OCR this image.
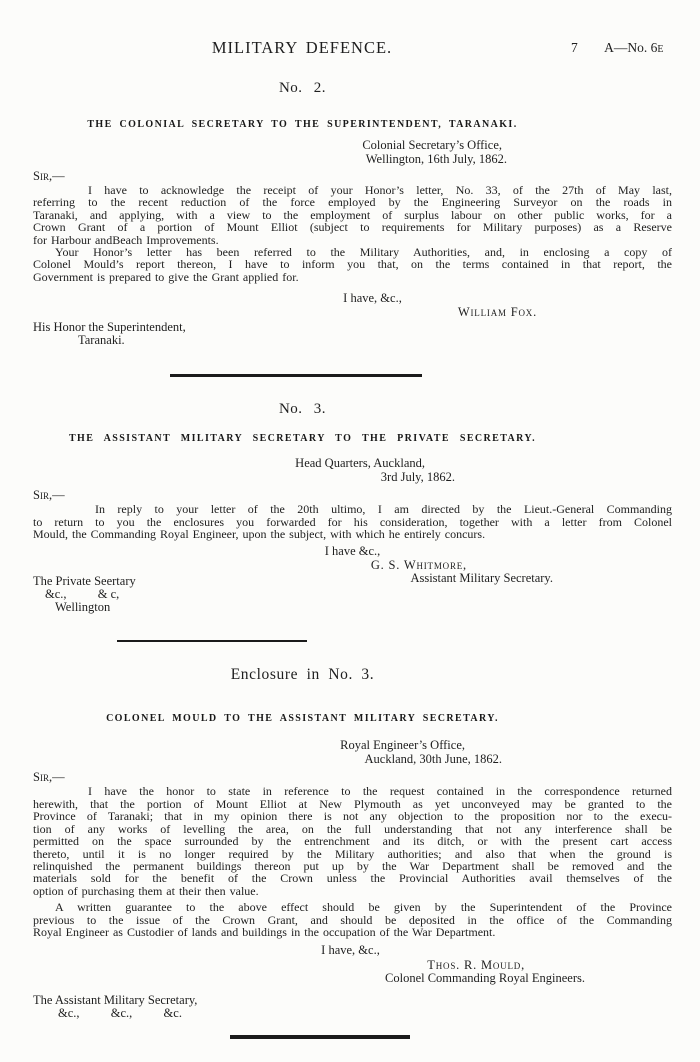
MILITARY DEFENCE.	7 A—No. 6E
No. 2.
THE COLONIAL SECRETARY TO THE SUPERINTENDENT, TARANAKI.
Colonial Secretary’s Office,
Wellington, 16th July, 1862.
Sir,—
I have to acknowledge the receipt of your Honor’s letter, No. 33, of the 27th of May last,
referring to the recent reduction of the force employed by the Engineering Surveyor on the roads in
Taranaki, and applying, with a view to the employment of surplus labour on other public works, for a
Crown Grant of a portion of Mount Elliot (subject to requirements for Military purposes) as a Reserve
for Harbour andBeach Improvements.
Your Honor’s letter has been referred to the Military Authorities, and, in enclosing a copy of
Colonel Mould’s report thereon, I have to inform you that, on the terms contained in that report, the
Government is prepared to give the Grant applied for.
I have, &c.,
William Fox.
His Honor the Superintendent,
Taranaki.
No. 3.
THE ASSISTANT MILITARY SECRETARY TO THE PRIVATE SECRETARY.
Head Quarters, Auckland,
3rd July, 1862.
Sir,—
In reply to your letter of the 20th ultimo, I am directed by the Lieut.-General Commanding
to return to you the enclosures you forwarded for his consideration, together with a letter from Colonel
Mould, the Commanding Royal Engineer, upon the subject, with which he entirely concurs.
I have &c.,
The Private Seertary
&c.,          & c,
Wellington
G. S. Whitmore,
Assistant Military Secretary.
Enclosure in No. 3.
COLONEL MOULD TO THE ASSISTANT MILITARY SECRETARY.
Royal Engineer’s Office,
Auckland, 30th June, 1862.
Sir,—
I have the honor to state in reference to the request contained in the correspondence returned
herewith, that the portion of Mount Elliot at New Plymouth as yet unconveyed may be granted to the
Province of Taranaki; that in my opinion there is not any objection to the proposition nor to the execu-
tion of any works of levelling the area, on the full understanding that not any interference shall be
permitted on the space surrounded by the entrenchment and its ditch, or with the present cart access
thereto, until it is no longer required by the Military authorities; and also that when the ground is
relinquished the permanent buildings thereon put up by the War Department shall be removed and the
materials sold for the benefit of the Crown unless the Provincial Authorities avail themselves of the
option of purchasing them at their then value.
A written guarantee to the above effect should be given by the Superintendent of the Province
previous to the issue of the Crown Grant, and should be deposited in the office of the Commanding
Royal Engineer as Custodier of lands and buildings in the occupation of the War Department.
I have, &c.,
Thos. R. Mould,
Colonel Commanding Royal Engineers.
The Assistant Military Secretary,
&c.,          &c.,          &c.
